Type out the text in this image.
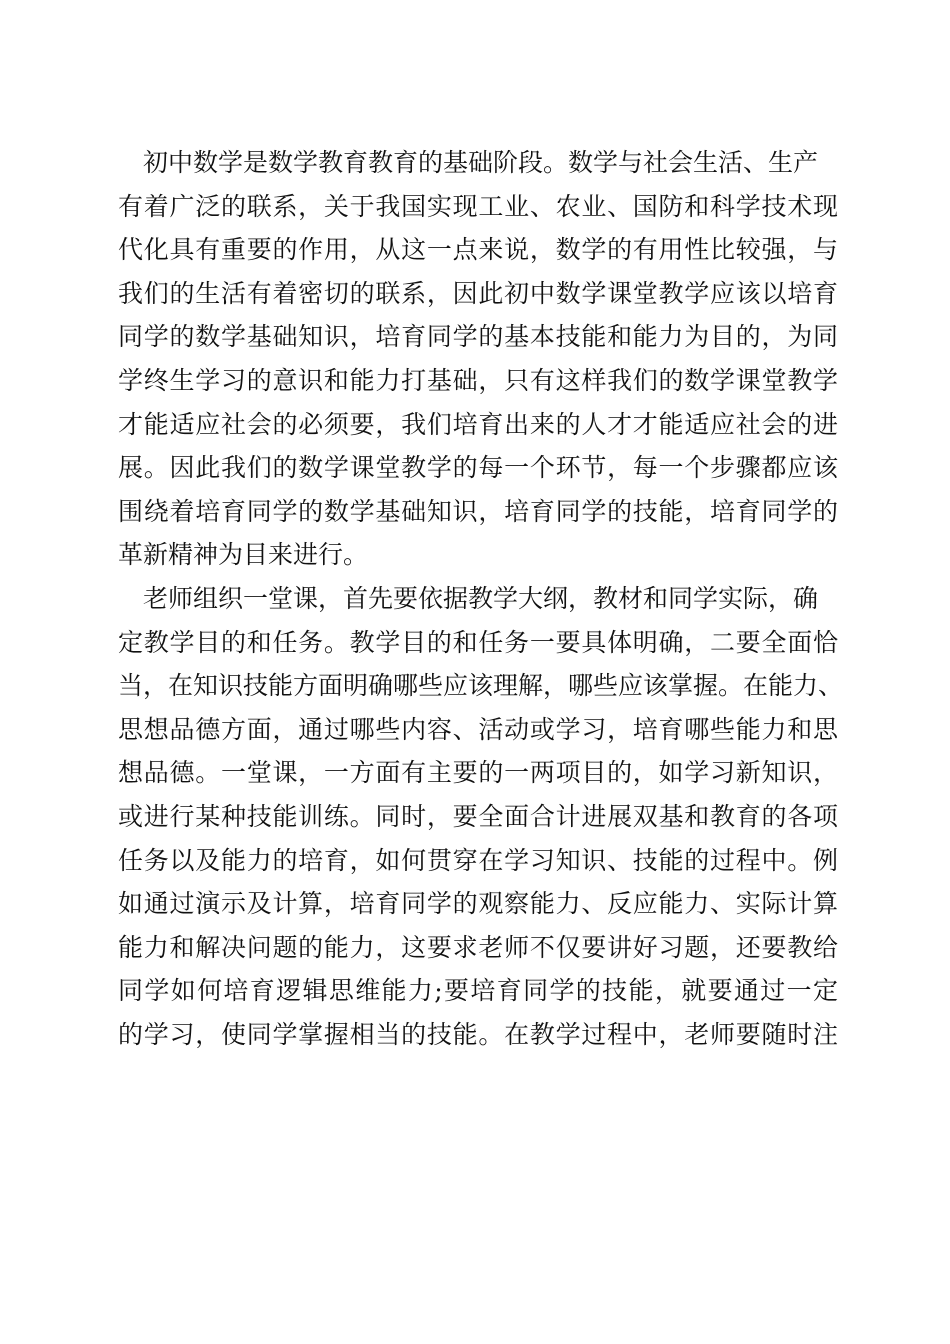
初中数学是数学教育教育的基础阶段。数学与社会生活、生产
有着广泛的联系，关于我国实现工业、农业、国防和科学技术现
代化具有重要的作用，从这一点来说，数学的有用性比较强，与
我们的生活有着密切的联系，因此初中数学课堂教学应该以培育
同学的数学基础知识，培育同学的基本技能和能力为目的，为同
学终生学习的意识和能力打基础，只有这样我们的数学课堂教学
才能适应社会的必须要，我们培育出来的人才才能适应社会的进
展。因此我们的数学课堂教学的每一个环节，每一个步骤都应该
围绕着培育同学的数学基础知识，培育同学的技能，培育同学的
革新精神为目来进行。
老师组织一堂课，首先要依据教学大纲，教材和同学实际，确
定教学目的和任务。教学目的和任务一要具体明确，二要全面恰
当，在知识技能方面明确哪些应该理解，哪些应该掌握。在能力、
思想品德方面，通过哪些内容、活动或学习，培育哪些能力和思
想品德。一堂课，一方面有主要的一两项目的，如学习新知识，
或进行某种技能训练。同时，要全面合计进展双基和教育的各项
任务以及能力的培育，如何贯穿在学习知识、技能的过程中。例
如通过演示及计算，培育同学的观察能力、反应能力、实际计算
能力和解决问题的能力，这要求老师不仅要讲好习题，还要教给
同学如何培育逻辑思维能力;要培育同学的技能，就要通过一定
的学习，使同学掌握相当的技能。在教学过程中，老师要随时注
